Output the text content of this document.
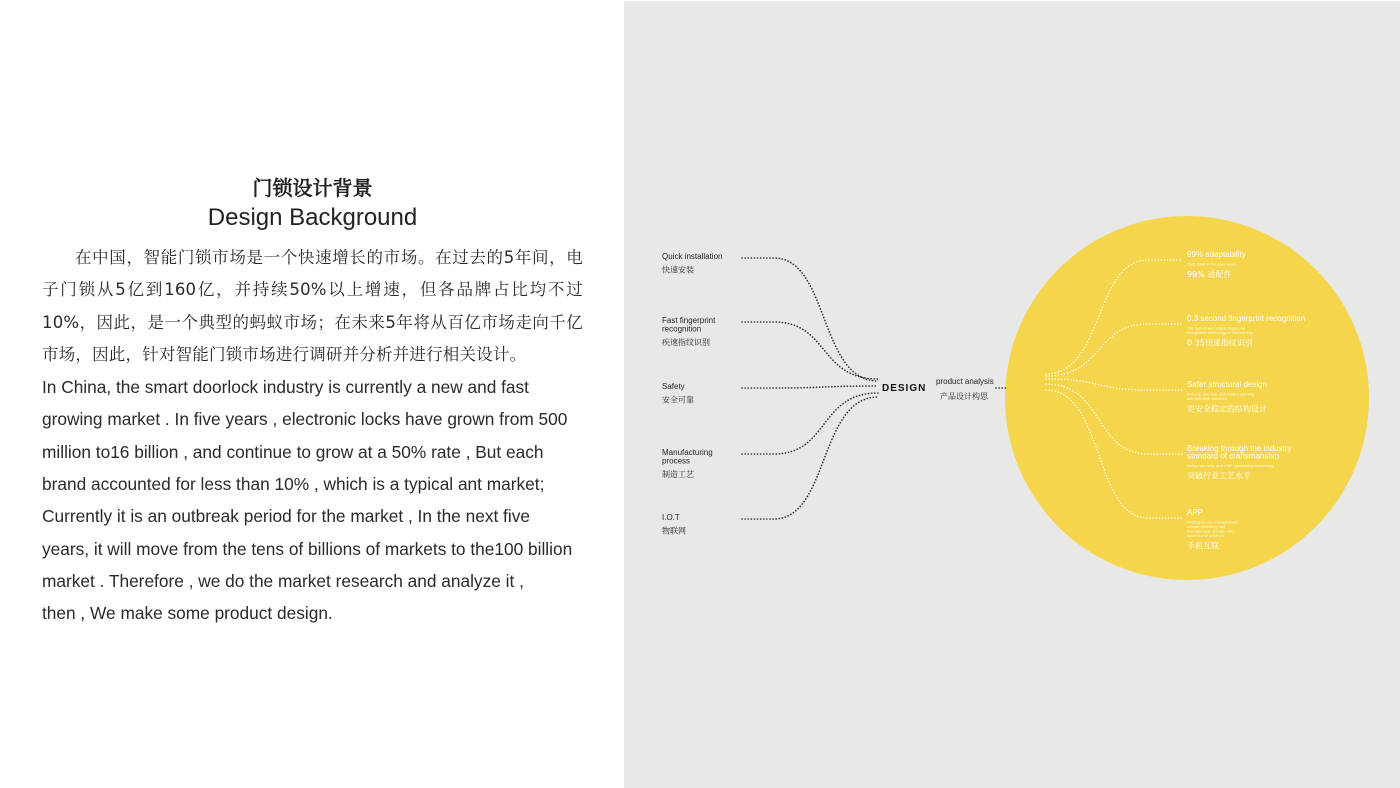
门锁设计背景
Design Background

在中国，智能门锁市场是一个快速增长的市场。在过去的5年间，电子门锁从5亿到160亿，并持续50%以上增速，但各品牌占比均不过10%，因此，是一个典型的蚂蚁市场；在未来5年将从百亿市场走向千亿市场，因此，针对智能门锁市场进行调研并分析并进行相关设计。

In China, the smart doorlock industry is currently a new and fast
growing market . In five years , electronic locks have grown from 500
million to16 billion , and continue to grow at a 50% rate , But each
brand accounted for less than 10% , which is a typical ant market;
Currently it is an outbreak period for the market , In the next five
years, it will move from the tens of billions of markets to the100 billion
market . Therefore , we do the market research and analyze it ,
then , We make some product design.
DESIGN
product analysis
产品设计构思
Quick installation
快速安装
Fast fingerprint
recognition
疾速指纹识别
Safety
安全可靠
Manufacturing
process
制造工艺
I.O.T
物联网
99% adaptability
Suits 99% of the door types
99% 适配件
0.3 second fingerprint recognition
The fastest and safest fingerprint
recognition technology in the industry
0.35快速指纹识别
Safer structural design
Anti-pry, anti-tear, anti-violent opening
and anti-theft structure
更安全稳定的结构设计
Breaking through the industry
standard of craftsmanship
Using new alloy and CMF processing technology
突破行业工艺水平
APP
Intelligent user management,
remote unlocking and
management, linkage with
smart home products
手机互联
